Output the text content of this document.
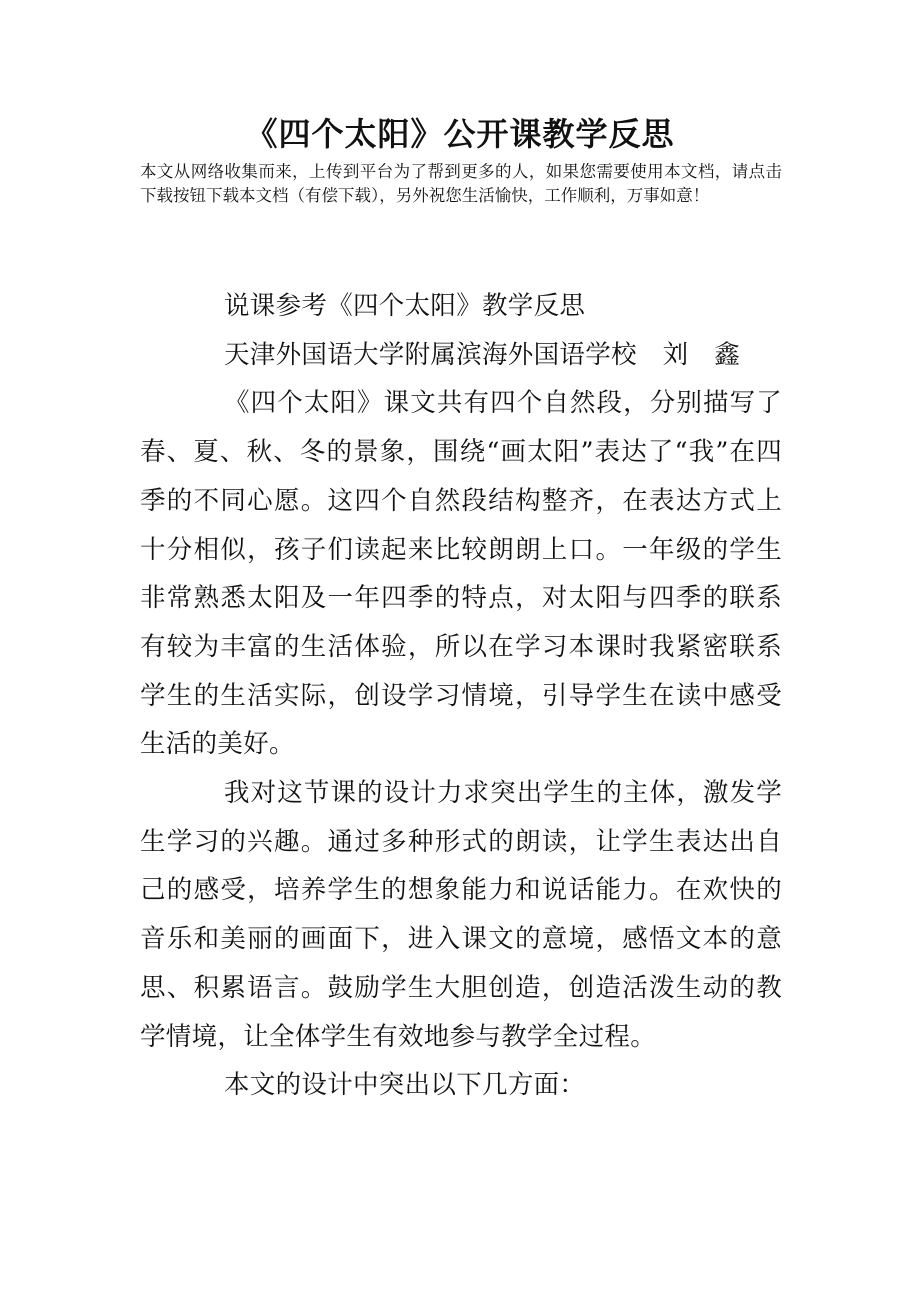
《四个太阳》公开课教学反思
本文从网络收集而来，上传到平台为了帮到更多的人，如果您需要使用本文档，请点击下载按钮下载本文档（有偿下载），另外祝您生活愉快，工作顺利，万事如意！

说课参考《四个太阳》教学反思

天津外国语大学附属滨海外国语学校　刘　鑫

《四个太阳》课文共有四个自然段，分别描写了春、夏、秋、冬的景象，围绕“画太阳”表达了“我”在四季的不同心愿。这四个自然段结构整齐，在表达方式上十分相似，孩子们读起来比较朗朗上口。一年级的学生非常熟悉太阳及一年四季的特点，对太阳与四季的联系有较为丰富的生活体验，所以在学习本课时我紧密联系学生的生活实际，创设学习情境，引导学生在读中感受生活的美好。

我对这节课的设计力求突出学生的主体，激发学生学习的兴趣。通过多种形式的朗读，让学生表达出自己的感受，培养学生的想象能力和说话能力。在欢快的音乐和美丽的画面下，进入课文的意境，感悟文本的意思、积累语言。鼓励学生大胆创造，创造活泼生动的教学情境，让全体学生有效地参与教学全过程。

本文的设计中突出以下几方面：
